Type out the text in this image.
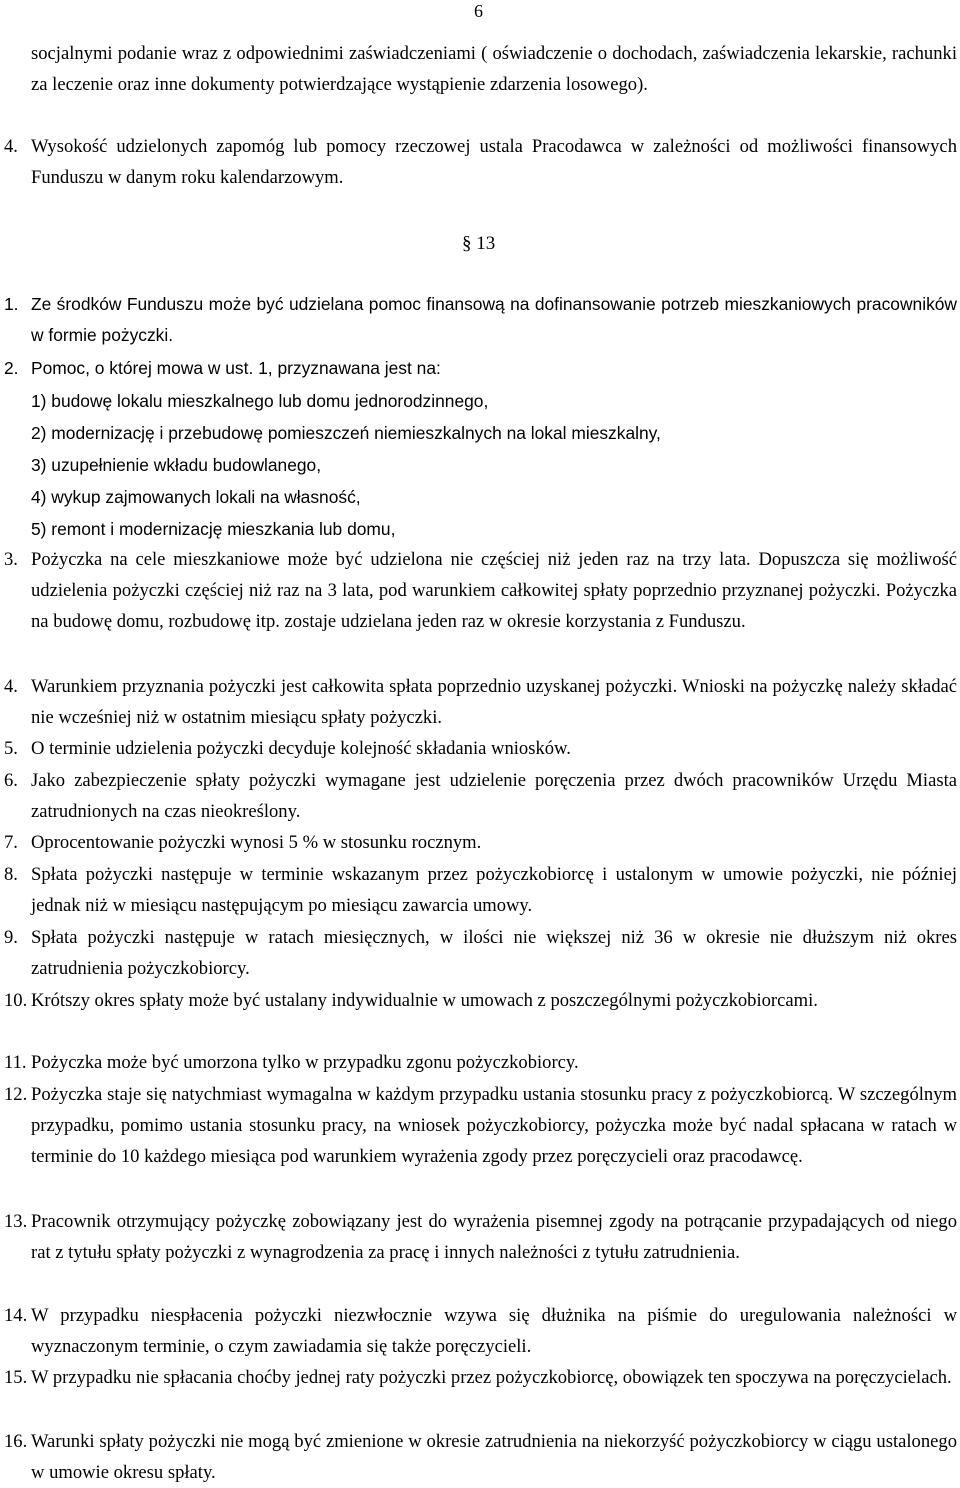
6
socjalnymi podanie wraz z odpowiednimi zaświadczeniami ( oświadczenie o dochodach, zaświadczenia lekarskie, rachunki za leczenie oraz inne dokumenty potwierdzające wystąpienie zdarzenia losowego).
4. Wysokość udzielonych zapomóg lub pomocy rzeczowej ustala Pracodawca w zależności od możliwości finansowych Funduszu w danym roku kalendarzowym.
§ 13
1. Ze środków Funduszu może być udzielana pomoc finansową na dofinansowanie potrzeb mieszkaniowych pracowników w formie pożyczki.
2. Pomoc, o której mowa w ust. 1, przyznawana jest na:
1) budowę lokalu mieszkalnego lub domu jednorodzinnego,
2) modernizację i przebudowę pomieszczeń niemieszkalnych na lokal mieszkalny,
3) uzupełnienie wkładu budowlanego,
4) wykup zajmowanych lokali na własność,
5) remont i modernizację mieszkania lub domu,
3. Pożyczka na cele mieszkaniowe może być udzielona nie częściej niż jeden raz na trzy lata. Dopuszcza się możliwość udzielenia pożyczki częściej niż raz na 3 lata, pod warunkiem całkowitej spłaty poprzednio przyznanej pożyczki. Pożyczka na budowę domu, rozbudowę itp. zostaje udzielana jeden raz w okresie korzystania z Funduszu.
4. Warunkiem przyznania pożyczki jest całkowita spłata poprzednio uzyskanej pożyczki. Wnioski na pożyczkę należy składać nie wcześniej niż w ostatnim miesiącu spłaty pożyczki.
5. O terminie udzielenia pożyczki decyduje kolejność składania wniosków.
6. Jako zabezpieczenie spłaty pożyczki wymagane jest udzielenie poręczenia przez dwóch pracowników Urzędu Miasta zatrudnionych na czas nieokreślony.
7. Oprocentowanie pożyczki wynosi 5 % w stosunku rocznym.
8. Spłata pożyczki następuje w terminie wskazanym przez pożyczkobiorcę i ustalonym w umowie pożyczki, nie później jednak niż w miesiącu następującym po miesiącu zawarcia umowy.
9. Spłata pożyczki następuje w ratach miesięcznych, w ilości nie większej niż 36 w okresie nie dłuższym niż okres zatrudnienia pożyczkobiorcy.
10. Krótszy okres spłaty może być ustalany indywidualnie w umowach z poszczególnymi pożyczkobiorcami.
11. Pożyczka może być umorzona tylko w przypadku zgonu pożyczkobiorcy.
12. Pożyczka staje się natychmiast wymagalna w każdym przypadku ustania stosunku pracy z pożyczkobiorcą. W szczególnym przypadku, pomimo ustania stosunku pracy, na wniosek pożyczkobiorcy, pożyczka może być nadal spłacana w ratach w terminie do 10 każdego miesiąca pod warunkiem wyrażenia zgody przez poręczycieli oraz pracodawcę.
13. Pracownik otrzymujący pożyczkę zobowiązany jest do wyrażenia pisemnej zgody na potrącanie przypadających od niego rat z tytułu spłaty pożyczki z wynagrodzenia za pracę i innych należności z tytułu zatrudnienia.
14. W przypadku niespłacenia pożyczki niezwłocznie wzywa się dłużnika na piśmie do uregulowania należności w wyznaczonym terminie, o czym zawiadamia się także poręczycieli.
15. W przypadku nie spłacania choćby jednej raty pożyczki przez pożyczkobiorcę, obowiązek ten spoczywa na poręczycielach.
16. Warunki spłaty pożyczki nie mogą być zmienione w okresie zatrudnienia na niekorzyść pożyczkobiorcy w ciągu ustalonego w umowie okresu spłaty.
